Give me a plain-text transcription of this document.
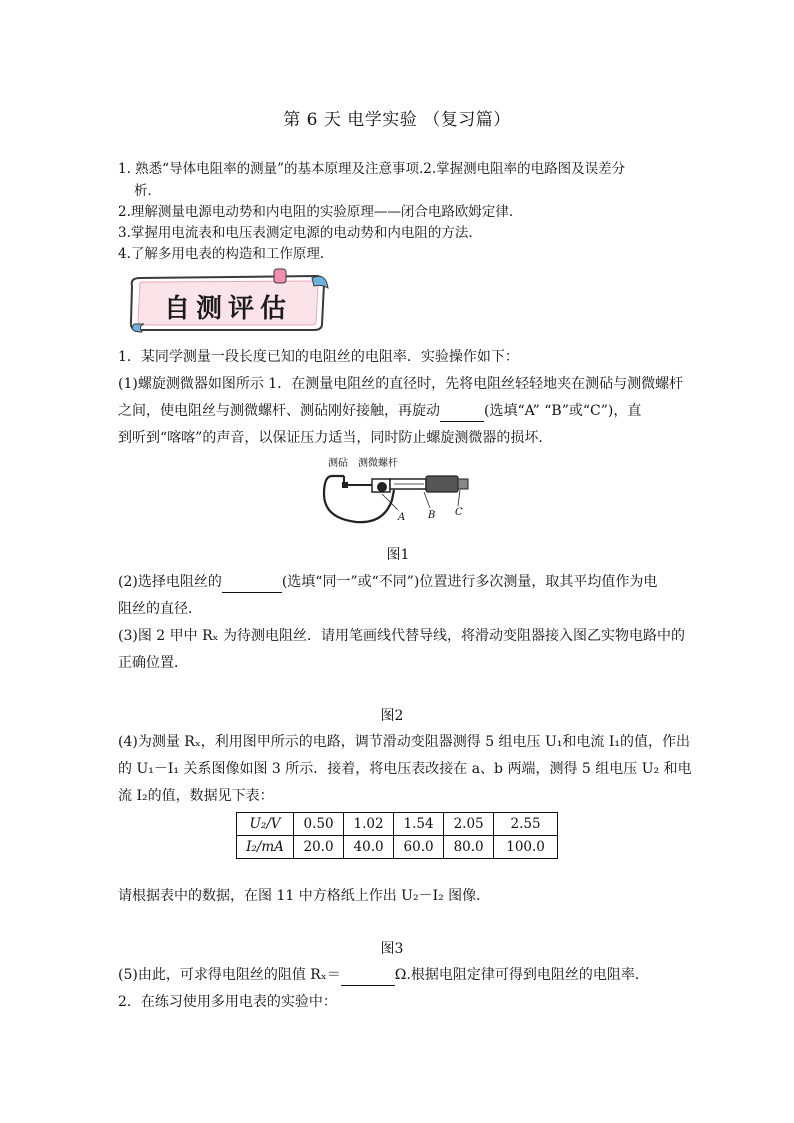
第 6 天 电学实验 （复习篇）
1. 熟悉“导体电阻率的测量”的基本原理及注意事项.2.掌握测电阻率的电路图及误差分
析．
2.理解测量电源电动势和内电阻的实验原理——闭合电路欧姆定律.
3.掌握用电流表和电压表测定电源的电动势和内电阻的方法.
4.了解多用电表的构造和工作原理.
自测评估
1．某同学测量一段长度已知的电阻丝的电阻率．实验操作如下：
(1)螺旋测微器如图所示 1．在测量电阻丝的直径时，先将电阻丝轻轻地夹在测砧与测微螺杆
之间，使电阻丝与测微螺杆、测砧刚好接触，再旋动	(选填“A” “B”或“C”)，直
到听到“喀喀”的声音，以保证压力适当，同时防止螺旋测微器的损坏．
测砧 测微螺杆
A B C
图1
(2)选择电阻丝的	(选填“同一”或“不同”)位置进行多次测量，取其平均值作为电
阻丝的直径．
(3)图 2 甲中 Rₓ 为待测电阻丝．请用笔画线代替导线，将滑动变阻器接入图乙实物电路中的
正确位置．
图2
(4)为测量 Rₓ，利用图甲所示的电路，调节滑动变阻器测得 5 组电压 U₁和电流 I₁的值，作出
的 U₁－I₁ 关系图像如图 3 所示．接着，将电压表改接在 a、b 两端，测得 5 组电压 U₂ 和电
流 I₂的值，数据见下表：
U₂/V	0.50	1.02	1.54	2.05	2.55
I₂/mA	20.0	40.0	60.0	80.0	100.0
请根据表中的数据，在图 11 中方格纸上作出 U₂－I₂ 图像．
图3
(5)由此，可求得电阻丝的阻值 Rₓ＝	Ω.根据电阻定律可得到电阻丝的电阻率．
2．在练习使用多用电表的实验中：
